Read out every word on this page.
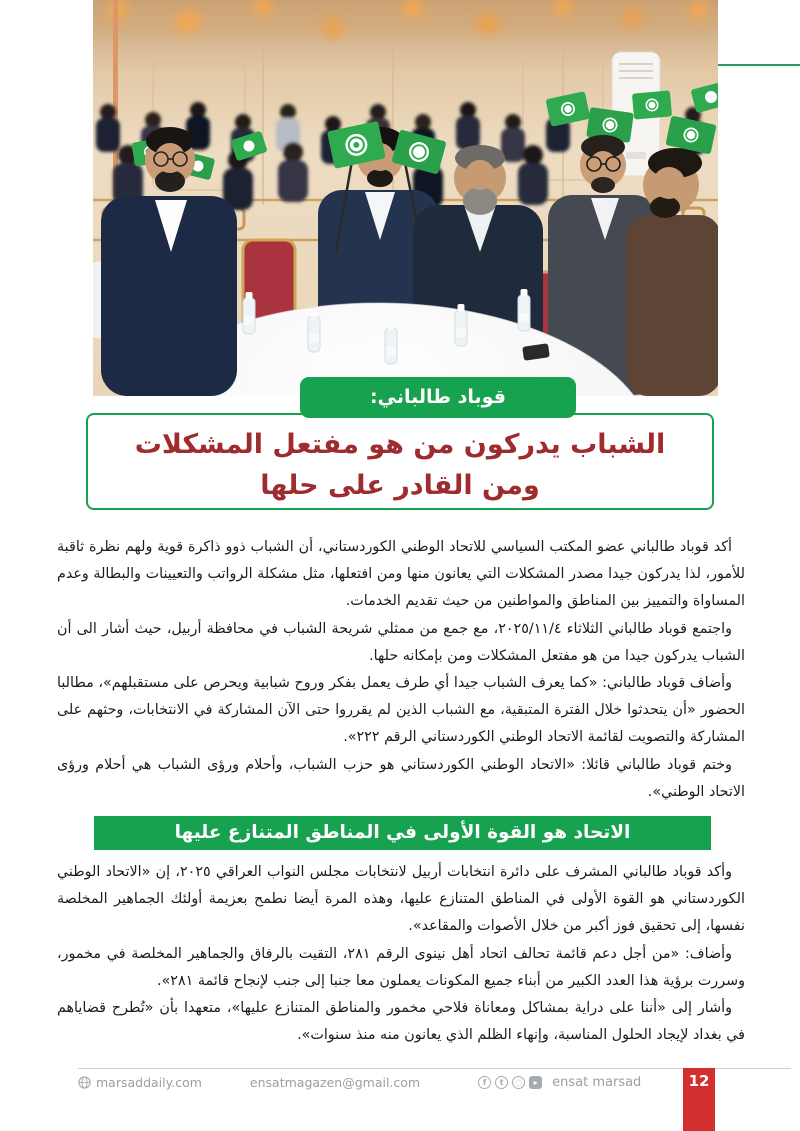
قوباد طالباني:
الشباب يدركون من هو مفتعل المشكلات
ومن القادر على حلها

أكد قوباد طالباني عضو المكتب السياسي للاتحاد الوطني الكوردستاني، أن الشباب ذوو ذاكرة قوية ولهم نظرة ثاقبة للأمور، لذا يدركون جيدا مصدر المشكلات التي يعانون منها ومن افتعلها، مثل مشكلة الرواتب والتعيينات والبطالة وعدم المساواة والتمييز بين المناطق والمواطنين من حيث تقديم الخدمات.

واجتمع قوباد طالباني الثلاثاء ٢٠٢٥/١١/٤، مع جمع من ممثلي شريحة الشباب في محافظة أربيل، حيث أشار الى أن الشباب يدركون جيدا من هو مفتعل المشكلات ومن بإمكانه حلها.

وأضاف قوباد طالباني: «كما يعرف الشباب جيدا أي طرف يعمل بفكر وروح شبابية ويحرص على مستقبلهم»، مطالبا الحضور «أن يتحدثوا خلال الفترة المتبقية، مع الشباب الذين لم يقرروا حتى الآن المشاركة في الانتخابات، وحثهم على المشاركة والتصويت لقائمة الاتحاد الوطني الكوردستاني الرقم ٢٢٢».

وختم قوباد طالباني قائلا: «الاتحاد الوطني الكوردستاني هو حزب الشباب، وأحلام ورؤى الشباب هي أحلام ورؤى الاتحاد الوطني».

الاتحاد هو القوة الأولى في المناطق المتنازع عليها

وأكد قوباد طالباني المشرف على دائرة انتخابات أربيل لانتخابات مجلس النواب العراقي ٢٠٢٥، إن «الاتحاد الوطني الكوردستاني هو القوة الأولى في المناطق المتنازع عليها، وهذه المرة أيضا نطمح بعزيمة أولئك الجماهير المخلصة نفسها، إلى تحقيق فوز أكبر من خلال الأصوات والمقاعد».

وأضاف: «من أجل دعم قائمة تحالف اتحاد أهل نينوى الرقم ٢٨١، التقيت بالرفاق والجماهير المخلصة في مخمور، وسررت برؤية هذا العدد الكبير من أبناء جميع المكونات يعملون معا جنبا إلى جنب لإنجاح قائمة ٢٨١».

وأشار إلى «أننا على دراية بمشاكل ومعاناة فلاحي مخمور والمناطق المتنازع عليها»، متعهدا بأن «تُطرح قضاياهم في بغداد لإيجاد الحلول المناسبة، وإنهاء الظلم الذي يعانون منه منذ سنوات».

marsaddaily.com	ensatmagazen@gmail.com	f	t	◌	▸	ensat marsad	12
